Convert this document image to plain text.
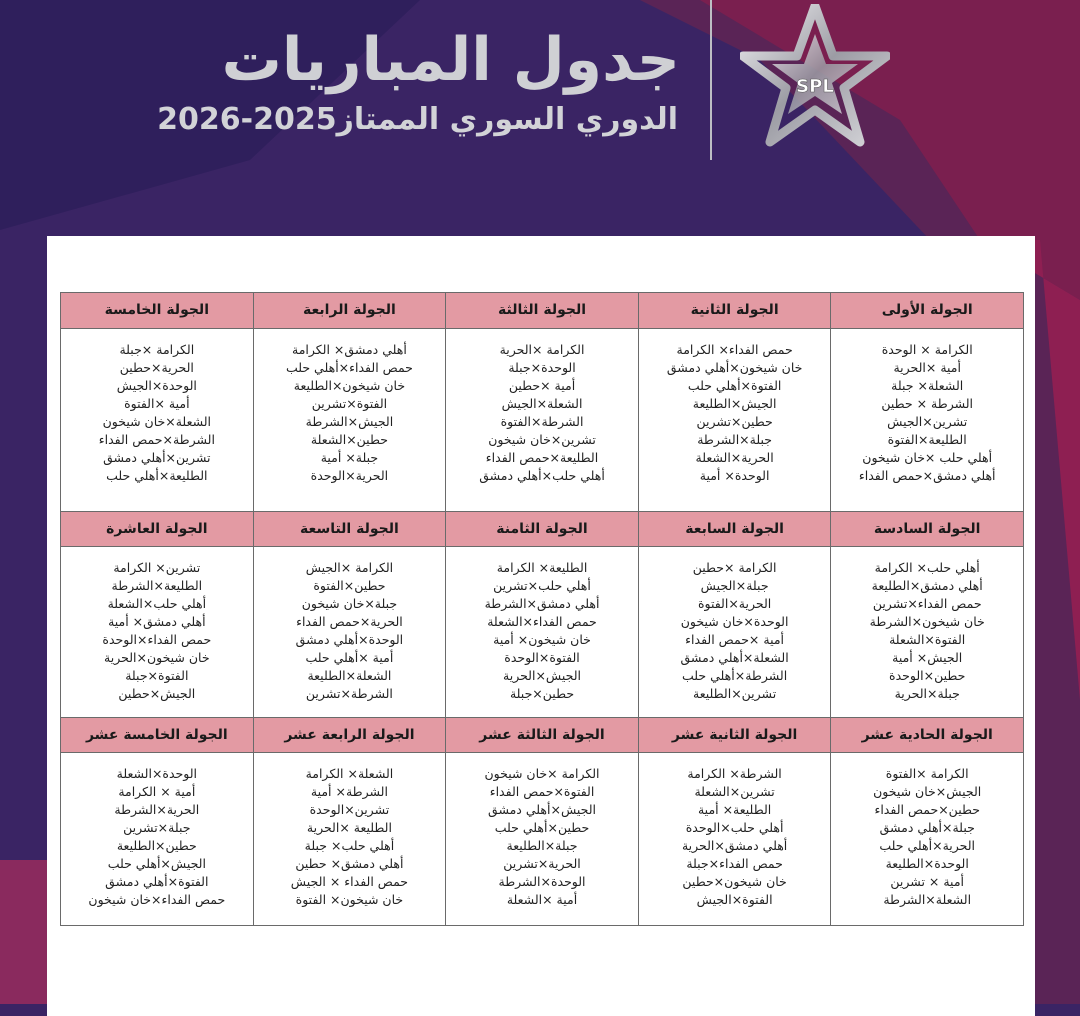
جدول المباريات
الدوري السوري الممتاز2025-2026
SPL
الجولة الأولى
الجولة الثانية
الجولة الثالثة
الجولة الرابعة
الجولة الخامسة
الكرامة × الوحدة
أمية ×الحرية
الشعلة× جبلة
الشرطة × حطين
تشرين×الجيش
الطليعة×الفتوة
أهلي حلب ×خان شيخون
أهلي دمشق×حمص الفداء
حمص الفداء× الكرامة
خان شيخون×أهلي دمشق
الفتوة×أهلي حلب
الجيش×الطليعة
حطين×تشرين
جبلة×الشرطة
الحرية×الشعلة
الوحدة× أمية
الكرامة ×الحرية
الوحدة×جبلة
أمية ×حطين
الشعلة×الجيش
الشرطة×الفتوة
تشرين×خان شيخون
الطليعة×حمص الفداء
أهلي حلب×أهلي دمشق
أهلي دمشق× الكرامة
حمص الفداء×أهلي حلب
خان شيخون×الطليعة
الفتوة×تشرين
الجيش×الشرطة
حطين×الشعلة
جبلة× أمية
الحرية×الوحدة
الكرامة ×جبلة
الحرية×حطين
الوحدة×الجيش
أمية ×الفتوة
الشعلة×خان شيخون
الشرطة×حمص الفداء
تشرين×أهلي دمشق
الطليعة×أهلي حلب
الجولة السادسة
الجولة السابعة
الجولة الثامنة
الجولة التاسعة
الجولة العاشرة
أهلي حلب× الكرامة
أهلي دمشق×الطليعة
حمص الفداء×تشرين
خان شيخون×الشرطة
الفتوة×الشعلة
الجيش× أمية
حطين×الوحدة
جبلة×الحرية
الكرامة ×حطين
جبلة×الجيش
الحرية×الفتوة
الوحدة×خان شيخون
أمية ×حمص الفداء
الشعلة×أهلي دمشق
الشرطة×أهلي حلب
تشرين×الطليعة
الطليعة× الكرامة
أهلي حلب×تشرين
أهلي دمشق×الشرطة
حمص الفداء×الشعلة
خان شيخون× أمية
الفتوة×الوحدة
الجيش×الحرية
حطين×جبلة
الكرامة ×الجيش
حطين×الفتوة
جبلة×خان شيخون
الحرية×حمص الفداء
الوحدة×أهلي دمشق
أمية ×أهلي حلب
الشعلة×الطليعة
الشرطة×تشرين
تشرين× الكرامة
الطليعة×الشرطة
أهلي حلب×الشعلة
أهلي دمشق× أمية
حمص الفداء×الوحدة
خان شيخون×الحرية
الفتوة×جبلة
الجيش×حطين
الجولة الحادية عشر
الجولة الثانية عشر
الجولة الثالثة عشر
الجولة الرابعة عشر
الجولة الخامسة عشر
الكرامة ×الفتوة
الجيش×خان شيخون
حطين×حمص الفداء
جبلة×أهلي دمشق
الحرية×أهلي حلب
الوحدة×الطليعة
أمية × تشرين
الشعلة×الشرطة
الشرطة× الكرامة
تشرين×الشعلة
الطليعة× أمية
أهلي حلب×الوحدة
أهلي دمشق×الحرية
حمص الفداء×جبلة
خان شيخون×حطين
الفتوة×الجيش
الكرامة ×خان شيخون
الفتوة×حمص الفداء
الجيش×أهلي دمشق
حطين×أهلي حلب
جبلة×الطليعة
الحرية×تشرين
الوحدة×الشرطة
أمية ×الشعلة
الشعلة× الكرامة
الشرطة× أمية
تشرين×الوحدة
الطليعة ×الحرية
أهلي حلب× جبلة
أهلي دمشق× حطين
حمص الفداء × الجيش
خان شيخون× الفتوة
الوحدة×الشعلة
أمية × الكرامة
الحرية×الشرطة
جبلة×تشرين
حطين×الطليعة
الجيش×أهلي حلب
الفتوة×أهلي دمشق
حمص الفداء×خان شيخون
